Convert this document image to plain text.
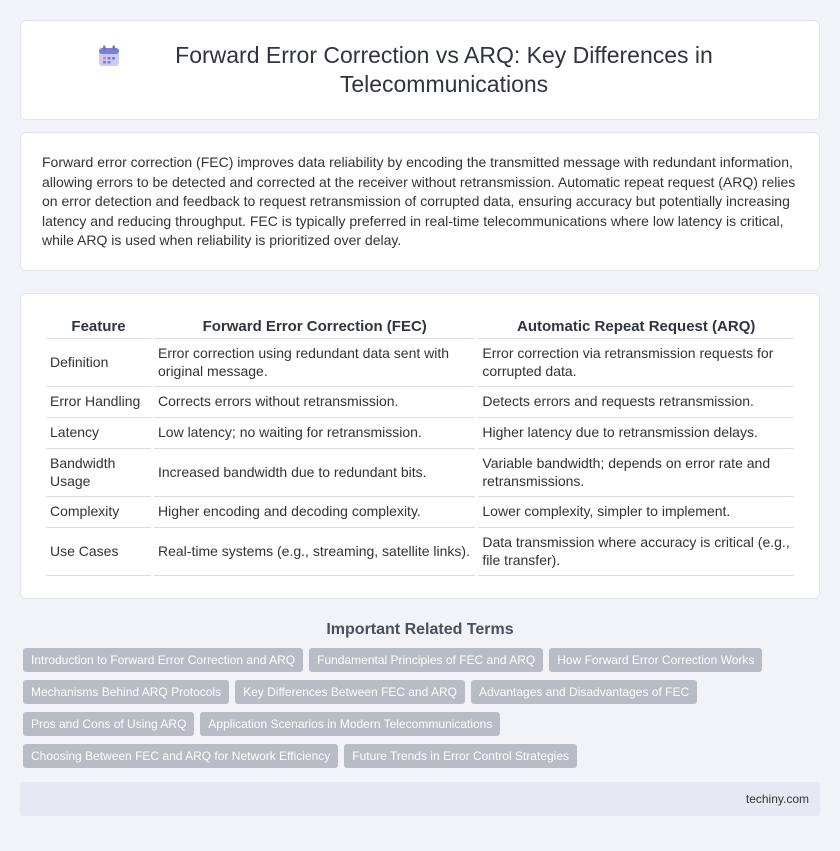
Forward Error Correction vs ARQ: Key Differences in Telecommunications

Forward error correction (FEC) improves data reliability by encoding the transmitted message with redundant information, allowing errors to be detected and corrected at the receiver without retransmission. Automatic repeat request (ARQ) relies on error detection and feedback to request retransmission of corrupted data, ensuring accuracy but potentially increasing latency and reducing throughput. FEC is typically preferred in real-time telecommunications where low latency is critical, while ARQ is used when reliability is prioritized over delay.

Feature	Forward Error Correction (FEC)	Automatic Repeat Request (ARQ)
Definition	Error correction using redundant data sent with original message.	Error correction via retransmission requests for corrupted data.
Error Handling	Corrects errors without retransmission.	Detects errors and requests retransmission.
Latency	Low latency; no waiting for retransmission.	Higher latency due to retransmission delays.
Bandwidth Usage	Increased bandwidth due to redundant bits.	Variable bandwidth; depends on error rate and retransmissions.
Complexity	Higher encoding and decoding complexity.	Lower complexity, simpler to implement.
Use Cases	Real-time systems (e.g., streaming, satellite links).	Data transmission where accuracy is critical (e.g., file transfer).
Important Related Terms
Introduction to Forward Error Correction and ARQ	Fundamental Principles of FEC and ARQ	How Forward Error Correction Works
Mechanisms Behind ARQ Protocols	Key Differences Between FEC and ARQ	Advantages and Disadvantages of FEC
Pros and Cons of Using ARQ	Application Scenarios in Modern Telecommunications
Choosing Between FEC and ARQ for Network Efficiency	Future Trends in Error Control Strategies
techiny.com
